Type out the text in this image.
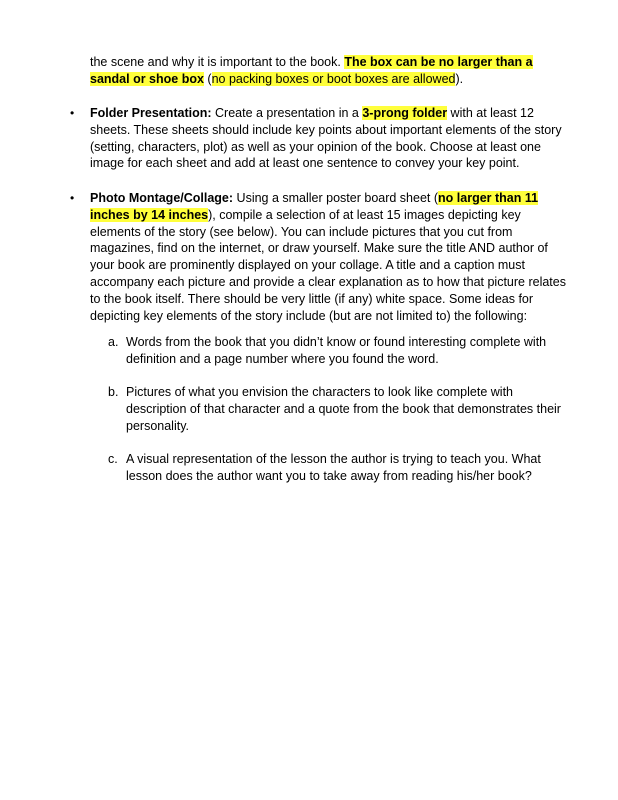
the scene and why it is important to the book. The box can be no larger than a sandal or shoe box (no packing boxes or boot boxes are allowed).

• Folder Presentation: Create a presentation in a 3-prong folder with at least 12 sheets. These sheets should include key points about important elements of the story (setting, characters, plot) as well as your opinion of the book. Choose at least one image for each sheet and add at least one sentence to convey your key point.

• Photo Montage/Collage: Using a smaller poster board sheet (no larger than 11 inches by 14 inches), compile a selection of at least 15 images depicting key elements of the story (see below). You can include pictures that you cut from magazines, find on the internet, or draw yourself. Make sure the title AND author of your book are prominently displayed on your collage. A title and a caption must accompany each picture and provide a clear explanation as to how that picture relates to the book itself. There should be very little (if any) white space. Some ideas for depicting key elements of the story include (but are not limited to) the following:

a. Words from the book that you didn’t know or found interesting complete with definition and a page number where you found the word.
b. Pictures of what you envision the characters to look like complete with description of that character and a quote from the book that demonstrates their personality.
c. A visual representation of the lesson the author is trying to teach you. What lesson does the author want you to take away from reading his/her book?
